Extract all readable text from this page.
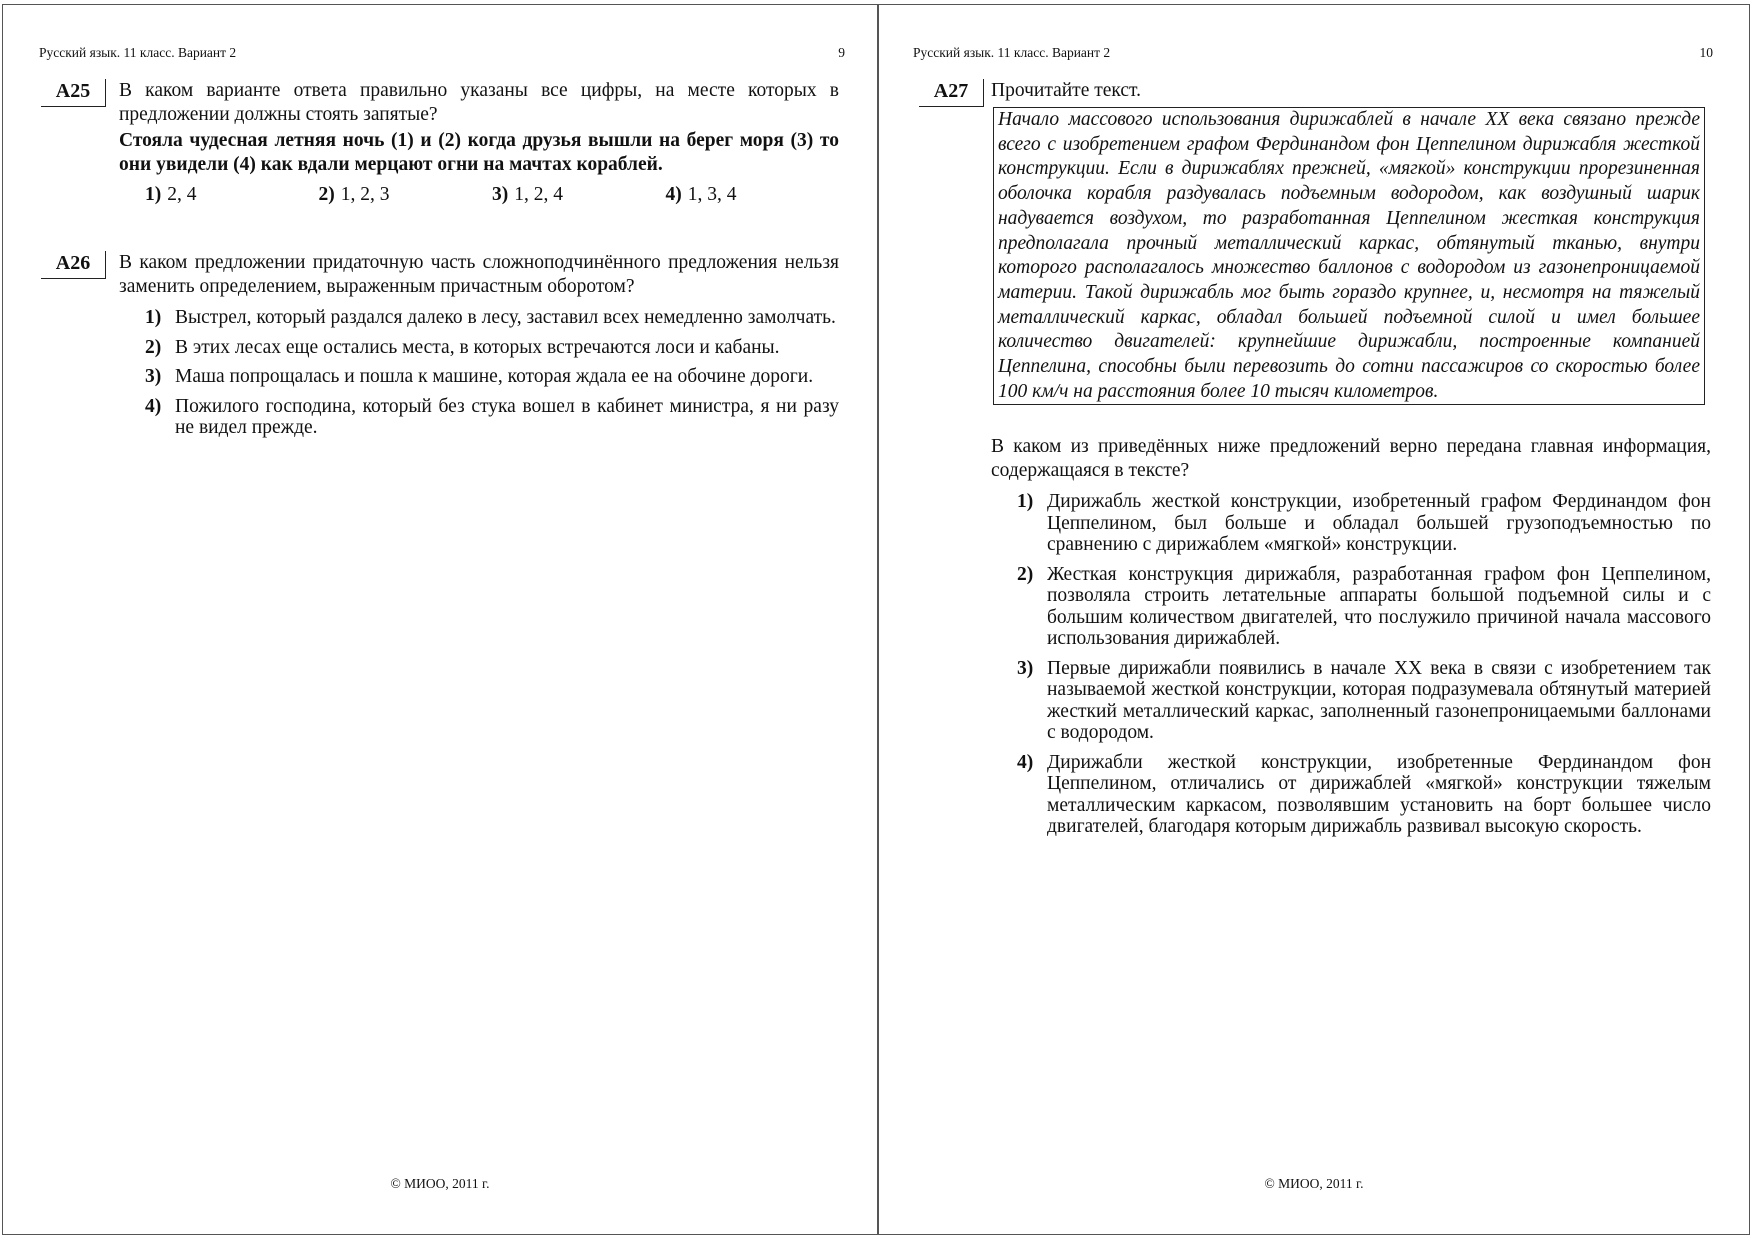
Русский язык. 11 класс. Вариант 2	9
A25	В каком варианте ответа правильно указаны все цифры, на месте которых в предложении должны стоять запятые?
Стояла чудесная летняя ночь (1) и (2) когда друзья вышли на берег моря (3) то они увидели (4) как вдали мерцают огни на мачтах кораблей.
1) 2, 4	2) 1, 2, 3	3) 1, 2, 4	4) 1, 3, 4
A26	В каком предложении придаточную часть сложноподчинённого предложения нельзя заменить определением, выраженным причастным оборотом?
1) Выстрел, который раздался далеко в лесу, заставил всех немедленно замолчать.
2) В этих лесах еще остались места, в которых встречаются лоси и кабаны.
3) Маша попрощалась и пошла к машине, которая ждала ее на обочине дороги.
4) Пожилого господина, который без стука вошел в кабинет министра, я ни разу не видел прежде.
© МИОО, 2011 г.
Русский язык. 11 класс. Вариант 2	10
A27	Прочитайте текст.
Начало массового использования дирижаблей в начале XX века связано прежде всего с изобретением графом Фердинандом фон Цеппелином дирижабля жесткой конструкции. Если в дирижаблях прежней, «мягкой» конструкции прорезиненная оболочка корабля раздувалась подъемным водородом, как воздушный шарик надувается воздухом, то разработанная Цеппелином жесткая конструкция предполагала прочный металлический каркас, обтянутый тканью, внутри которого располагалось множество баллонов с водородом из газонепроницаемой материи. Такой дирижабль мог быть гораздо крупнее, и, несмотря на тяжелый металлический каркас, обладал большей подъемной силой и имел большее количество двигателей: крупнейшие дирижабли, построенные компанией Цеппелина, способны были перевозить до сотни пассажиров со скоростью более 100 км/ч на расстояния более 10 тысяч километров.
В каком из приведённых ниже предложений верно передана главная информация, содержащаяся в тексте?
1) Дирижабль жесткой конструкции, изобретенный графом Фердинандом фон Цеппелином, был больше и обладал большей грузоподъемностью по сравнению с дирижаблем «мягкой» конструкции.
2) Жесткая конструкция дирижабля, разработанная графом фон Цеппелином, позволяла строить летательные аппараты большой подъемной силы и с большим количеством двигателей, что послужило причиной начала массового использования дирижаблей.
3) Первые дирижабли появились в начале XX века в связи с изобретением так называемой жесткой конструкции, которая подразумевала обтянутый материей жесткий металлический каркас, заполненный газонепроницаемыми баллонами с водородом.
4) Дирижабли жесткой конструкции, изобретенные Фердинандом фон Цеппелином, отличались от дирижаблей «мягкой» конструкции тяжелым металлическим каркасом, позволявшим установить на борт большее число двигателей, благодаря которым дирижабль развивал высокую скорость.
© МИОО, 2011 г.
